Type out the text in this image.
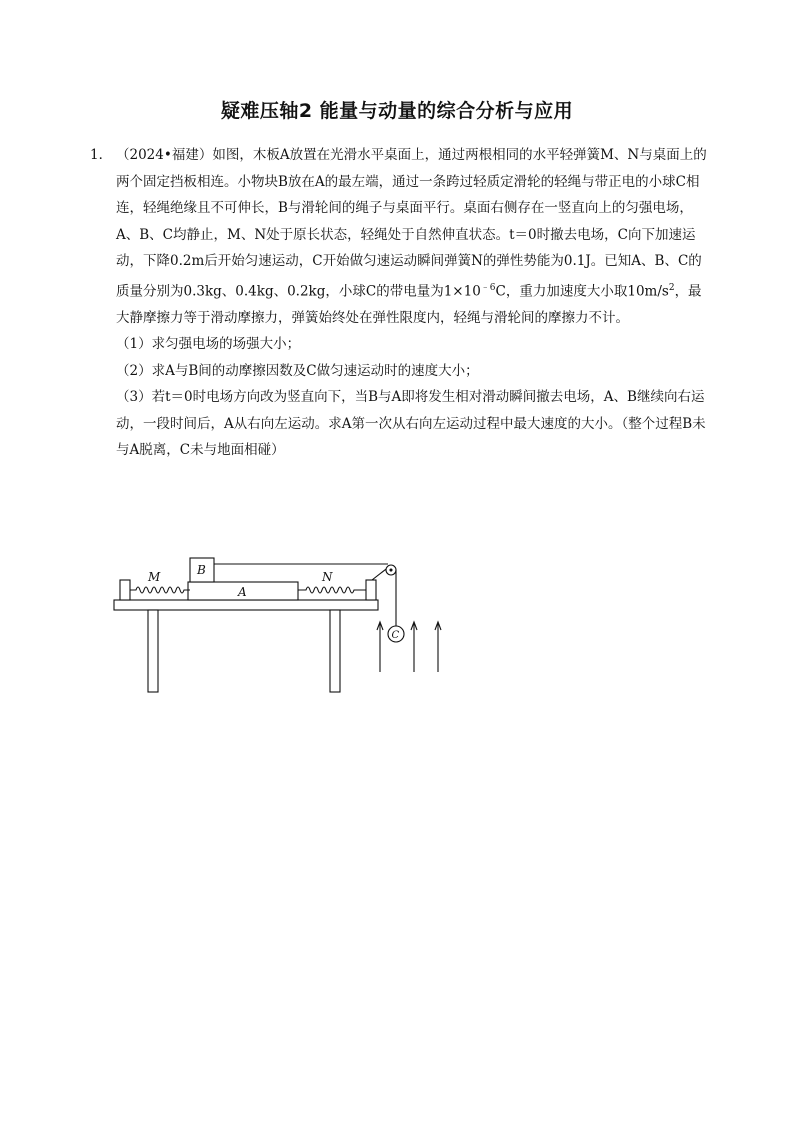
疑难压轴2 能量与动量的综合分析与应用

1． （2024•福建）如图，木板A放置在光滑水平桌面上，通过两根相同的水平轻弹簧M、N与桌面上的两个固定挡板相连。小物块B放在A的最左端，通过一条跨过轻质定滑轮的轻绳与带正电的小球C相连，轻绳绝缘且不可伸长，B与滑轮间的绳子与桌面平行。桌面右侧存在一竖直向上的匀强电场，A、B、C均静止，M、N处于原长状态，轻绳处于自然伸直状态。t＝0时撤去电场，C向下加速运动，下降0.2m后开始匀速运动，C开始做匀速运动瞬间弹簧N的弹性势能为0.1J。已知A、B、C的质量分别为0.3kg、0.4kg、0.2kg，小球C的带电量为$1\times 10^{﹣6}C$，重力加速度大小取$10m/s^2$，最大静摩擦力等于滑动摩擦力，弹簧始终处在弹性限度内，轻绳与滑轮间的摩擦力不计。

（1）求匀强电场的场强大小；

（2）求A与B间的动摩擦因数及C做匀速运动时的速度大小；

（3）若t＝0时电场方向改为竖直向下，当B与A即将发生相对滑动瞬间撤去电场，A、B继续向右运动，一段时间后，A从右向左运动。求A第一次从右向左运动过程中最大速度的大小。（整个过程B未与A脱离，C未与地面相碰）

M	N
A
B
C
